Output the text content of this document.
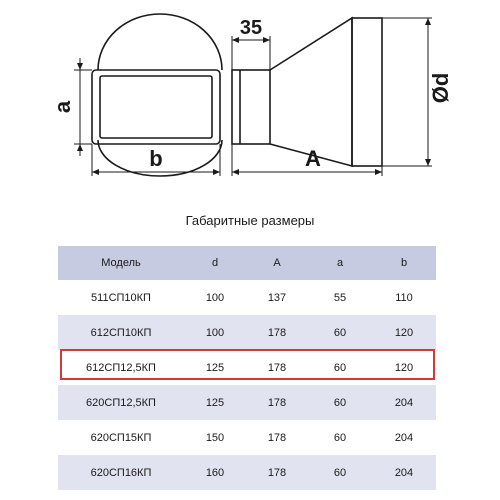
35
Ød
a
b	A
Габаритные размеры
Модель	d	A	a	b
511СП10КП	100	137	55	110
612СП10КП	100	178	60	120
612СП12,5КП	125	178	60	120
620СП12,5КП	125	178	60	204
620СП15КП	150	178	60	204
620СП16КП	160	178	60	204
